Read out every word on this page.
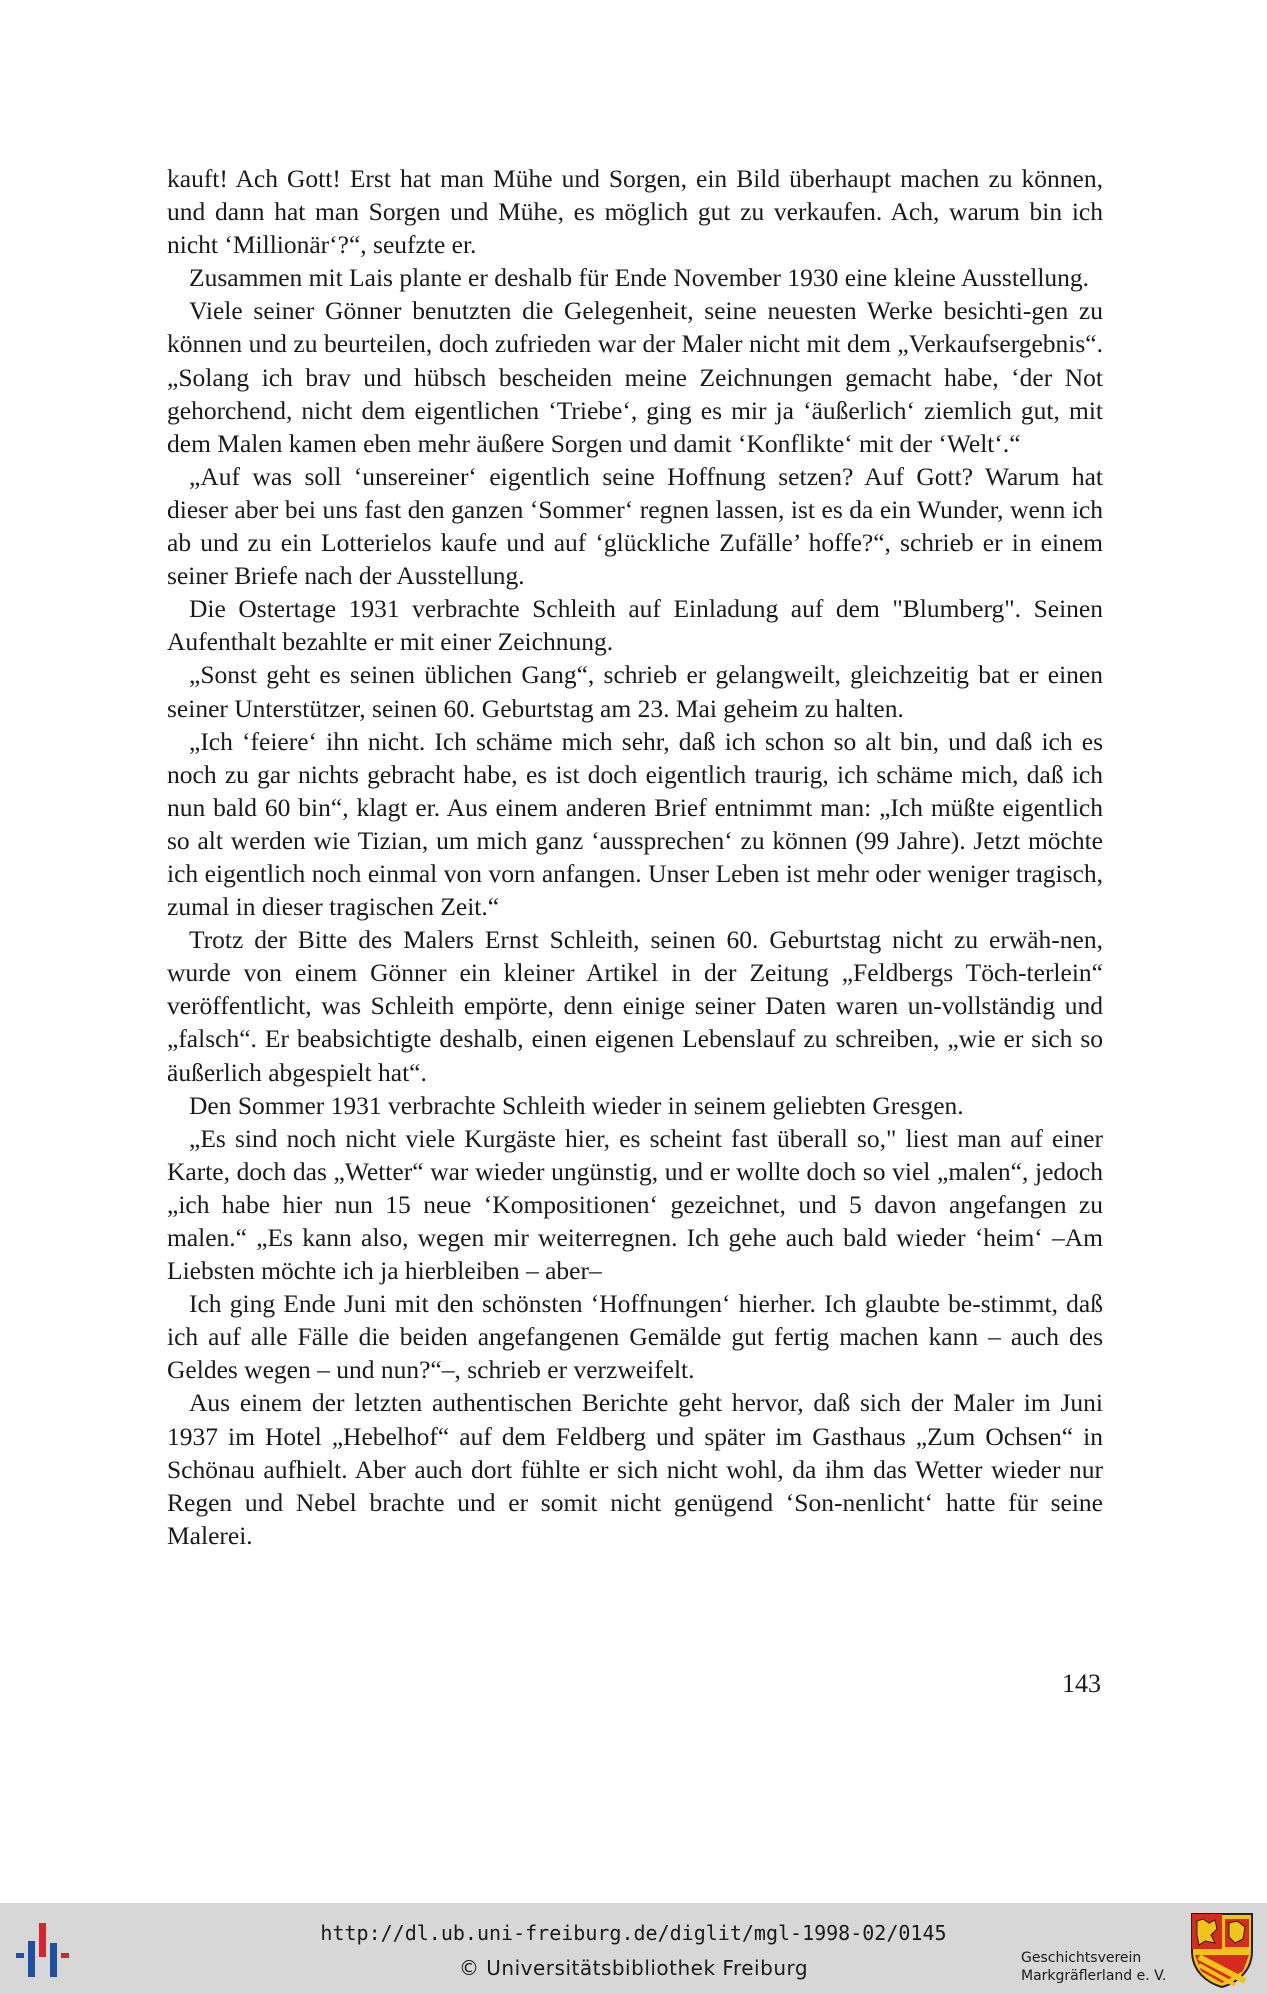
kauft! Ach Gott! Erst hat man Mühe und Sorgen, ein Bild überhaupt machen zu können, und dann hat man Sorgen und Mühe, es möglich gut zu verkaufen. Ach, warum bin ich nicht ‘Millionär‘?“, seufzte er.

Zusammen mit Lais plante er deshalb für Ende November 1930 eine kleine Ausstellung.

Viele seiner Gönner benutzten die Gelegenheit, seine neuesten Werke besichti-gen zu können und zu beurteilen, doch zufrieden war der Maler nicht mit dem „Verkaufsergebnis“. „Solang ich brav und hübsch bescheiden meine Zeichnungen gemacht habe, ‘der Not gehorchend, nicht dem eigentlichen ‘Triebe‘, ging es mir ja ‘äußerlich‘ ziemlich gut, mit dem Malen kamen eben mehr äußere Sorgen und damit ‘Konflikte‘ mit der ‘Welt‘.“

„Auf was soll ‘unsereiner‘ eigentlich seine Hoffnung setzen? Auf Gott? Warum hat dieser aber bei uns fast den ganzen ‘Sommer‘ regnen lassen, ist es da ein Wunder, wenn ich ab und zu ein Lotterielos kaufe und auf ‘glückliche Zufälle’ hoffe?“, schrieb er in einem seiner Briefe nach der Ausstellung.

Die Ostertage 1931 verbrachte Schleith auf Einladung auf dem "Blumberg". Seinen Aufenthalt bezahlte er mit einer Zeichnung.

„Sonst geht es seinen üblichen Gang“, schrieb er gelangweilt, gleichzeitig bat er einen seiner Unterstützer, seinen 60. Geburtstag am 23. Mai geheim zu halten.

„Ich ‘feiere‘ ihn nicht. Ich schäme mich sehr, daß ich schon so alt bin, und daß ich es noch zu gar nichts gebracht habe, es ist doch eigentlich traurig, ich schäme mich, daß ich nun bald 60 bin“, klagt er. Aus einem anderen Brief entnimmt man: „Ich müßte eigentlich so alt werden wie Tizian, um mich ganz ‘aussprechen‘ zu können (99 Jahre). Jetzt möchte ich eigentlich noch einmal von vorn anfangen. Unser Leben ist mehr oder weniger tragisch, zumal in dieser tragischen Zeit.“

Trotz der Bitte des Malers Ernst Schleith, seinen 60. Geburtstag nicht zu erwäh-nen, wurde von einem Gönner ein kleiner Artikel in der Zeitung „Feldbergs Töch-terlein“ veröffentlicht, was Schleith empörte, denn einige seiner Daten waren un-vollständig und „falsch“. Er beabsichtigte deshalb, einen eigenen Lebenslauf zu schreiben, „wie er sich so äußerlich abgespielt hat“.

Den Sommer 1931 verbrachte Schleith wieder in seinem geliebten Gresgen.

„Es sind noch nicht viele Kurgäste hier, es scheint fast überall so," liest man auf einer Karte, doch das „Wetter“ war wieder ungünstig, und er wollte doch so viel „malen“, jedoch „ich habe hier nun 15 neue ‘Kompositionen‘ gezeichnet, und 5 davon angefangen zu malen.“ „Es kann also, wegen mir weiterregnen. Ich gehe auch bald wieder ‘heim‘ –Am Liebsten möchte ich ja hierbleiben – aber–

Ich ging Ende Juni mit den schönsten ‘Hoffnungen‘ hierher. Ich glaubte be-stimmt, daß ich auf alle Fälle die beiden angefangenen Gemälde gut fertig machen kann – auch des Geldes wegen – und nun?“–, schrieb er verzweifelt.

Aus einem der letzten authentischen Berichte geht hervor, daß sich der Maler im Juni 1937 im Hotel „Hebelhof“ auf dem Feldberg und später im Gasthaus „Zum Ochsen“ in Schönau aufhielt. Aber auch dort fühlte er sich nicht wohl, da ihm das Wetter wieder nur Regen und Nebel brachte und er somit nicht genügend ‘Son-nenlicht‘ hatte für seine Malerei.

143
http://dl.ub.uni-freiburg.de/diglit/mgl-1998-02/0145
© Universitätsbibliothek Freiburg	Geschichtsverein
Markgräflerland e. V.
